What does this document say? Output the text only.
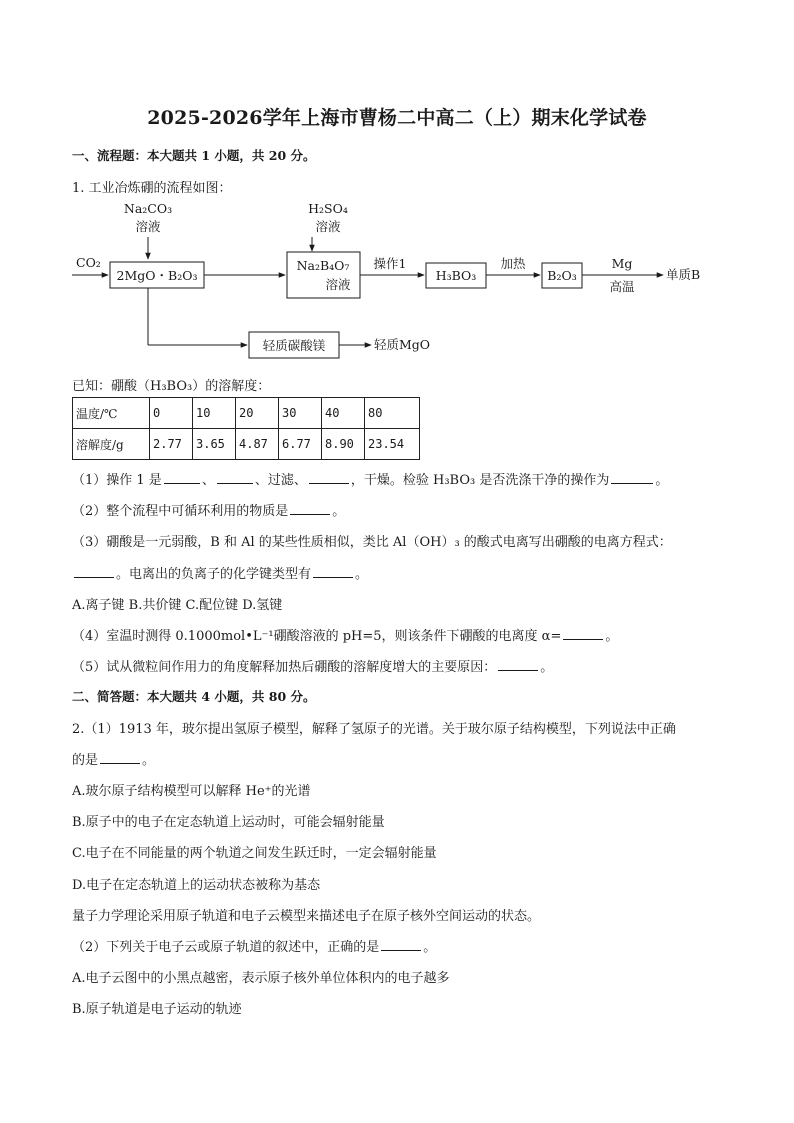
2025-2026学年上海市曹杨二中高二（上）期末化学试卷
一、流程题：本大题共 1 小题，共 20 分。
1. 工业冶炼硼的流程如图：
Na₂CO₃
溶液
H₂SO₄
溶液
CO₂
2MgO・B₂O₃
Na₂B₄O₇
溶液
操作1
H₃BO₃
加热
B₂O₃
Mg
高温
单质B
轻质碳酸镁	轻质MgO
已知：硼酸（H₃BO₃）的溶解度：
温度/℃	0	10	20	30	40	80
溶解度/g	2.77	3.65	4.87	6.77	8.90	23.54
（1）操作 1 是	、	、过滤、	，干燥。检验 H₃BO₃ 是否洗涤干净的操作为	。
（2）整个流程中可循环利用的物质是	。
（3）硼酸是一元弱酸，B 和 Al 的某些性质相似，类比 Al（OH）₃ 的酸式电离写出硼酸的电离方程式：
。电离出的负离子的化学键类型有	。
A.离子键 B.共价键 C.配位键 D.氢键
（4）室温时测得 0.1000mol•L⁻¹硼酸溶液的 pH=5，则该条件下硼酸的电离度 α=	。
（5）试从微粒间作用力的角度解释加热后硼酸的溶解度增大的主要原因：	。
二、简答题：本大题共 4 小题，共 80 分。
2.（1）1913 年，玻尔提出氢原子模型，解释了氢原子的光谱。关于玻尔原子结构模型，下列说法中正确
的是	。
A.玻尔原子结构模型可以解释 He⁺的光谱
B.原子中的电子在定态轨道上运动时，可能会辐射能量
C.电子在不同能量的两个轨道之间发生跃迁时，一定会辐射能量
D.电子在定态轨道上的运动状态被称为基态
量子力学理论采用原子轨道和电子云模型来描述电子在原子核外空间运动的状态。
（2）下列关于电子云或原子轨道的叙述中，正确的是	。
A.电子云图中的小黑点越密，表示原子核外单位体积内的电子越多
B.原子轨道是电子运动的轨迹
